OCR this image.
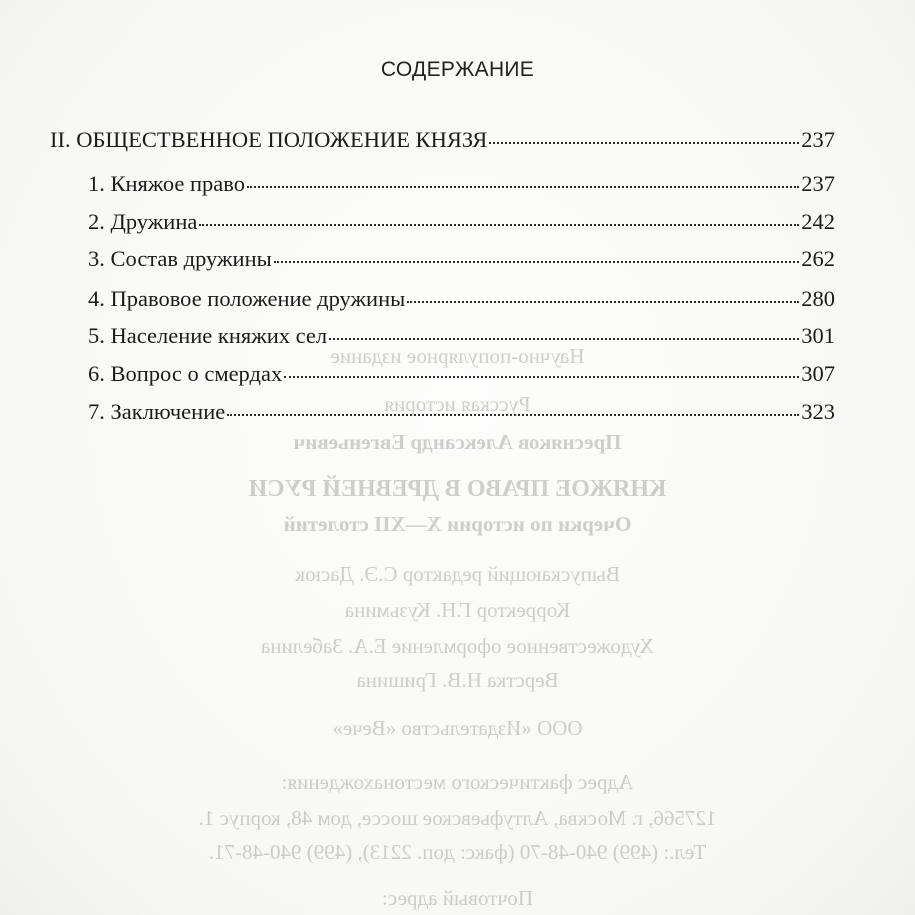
Научно-популярное издание
Русская история
Пресняков Александр Евгеньевич
КНЯЖОЕ ПРАВО В ДРЕВНЕЙ РУСИ
Очерки по истории X—XII столетий
Выпускающий редактор С.Э. Дасюк
Корректор Г.Н. Кузьмина
Художественное оформление Е.А. Забелина
Верстка Н.В. Гришина
ООО «Издательство «Вече»
Адрес фактического местонахождения:
127566, г. Москва, Алтуфьевское шоссе, дом 48, корпус 1.
Тел.: (499) 940-48-70 (факс: доп. 2213), (499) 940-48-71.
Почтовый адрес:
СОДЕРЖАНИЕ
II. ОБЩЕСТВЕННОЕ ПОЛОЖЕНИЕ КНЯЗЯ	237
1. Княжое право	237
2. Дружина	242
3. Состав дружины	262
4. Правовое положение дружины	280
5. Население княжих сел	301
6. Вопрос о смердах	307
7. Заключение	323
